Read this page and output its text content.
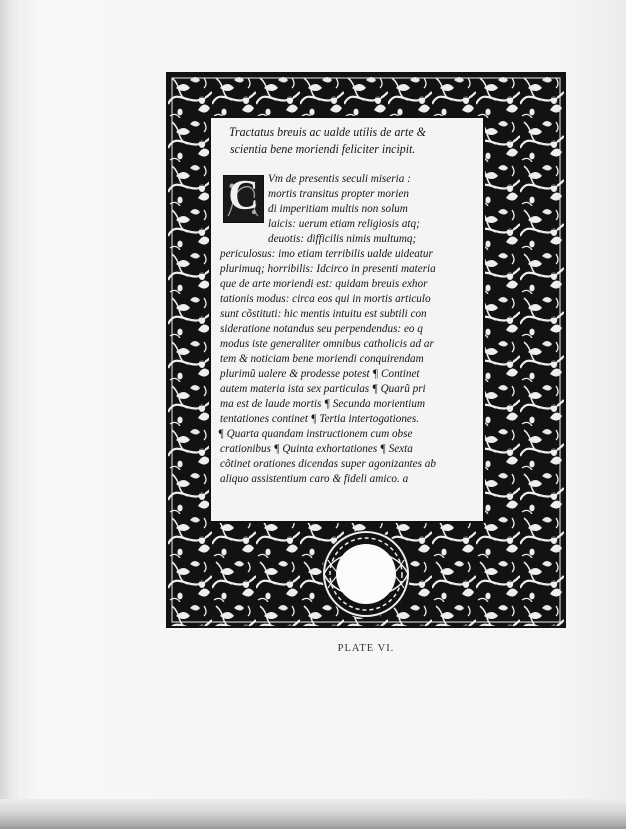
Tractatus breuis ac ualde utilis de arte &
scientia bene moriendi feliciter incipit.
C Vm de presentis seculi miseria :
mortis transitus propter morien
di imperitiam multis non solum
laicis: uerum etiam religiosis atq;
deuotis: difficilis nimis multumq;
periculosus: imo etiam terribilis ualde uideatur
plurimuq; horribilis: Idcirco in presenti materia
que de arte moriendi est: quidam breuis exhor
tationis modus: circa eos qui in mortis articulo
sunt cõstituti: hic mentis intuitu est subtili con
sideratione notandus seu perpendendus: eo q
modus iste generaliter omnibus catholicis ad ar
tem & noticiam bene moriendi conquirendam
plurimũ ualere & prodesse potest ¶ Continet
autem materia ista sex particulas ¶ Quarũ pri
ma est de laude mortis ¶ Secunda morientium
tentationes continet ¶ Tertia intertogationes.
¶ Quarta quandam instructionem cum obse
crationibus ¶ Quinta exhortationes ¶ Sexta
cõtinet orationes dicendas super agonizantes ab
aliquo assistentium caro & fideli amico. a
PLATE VI.
